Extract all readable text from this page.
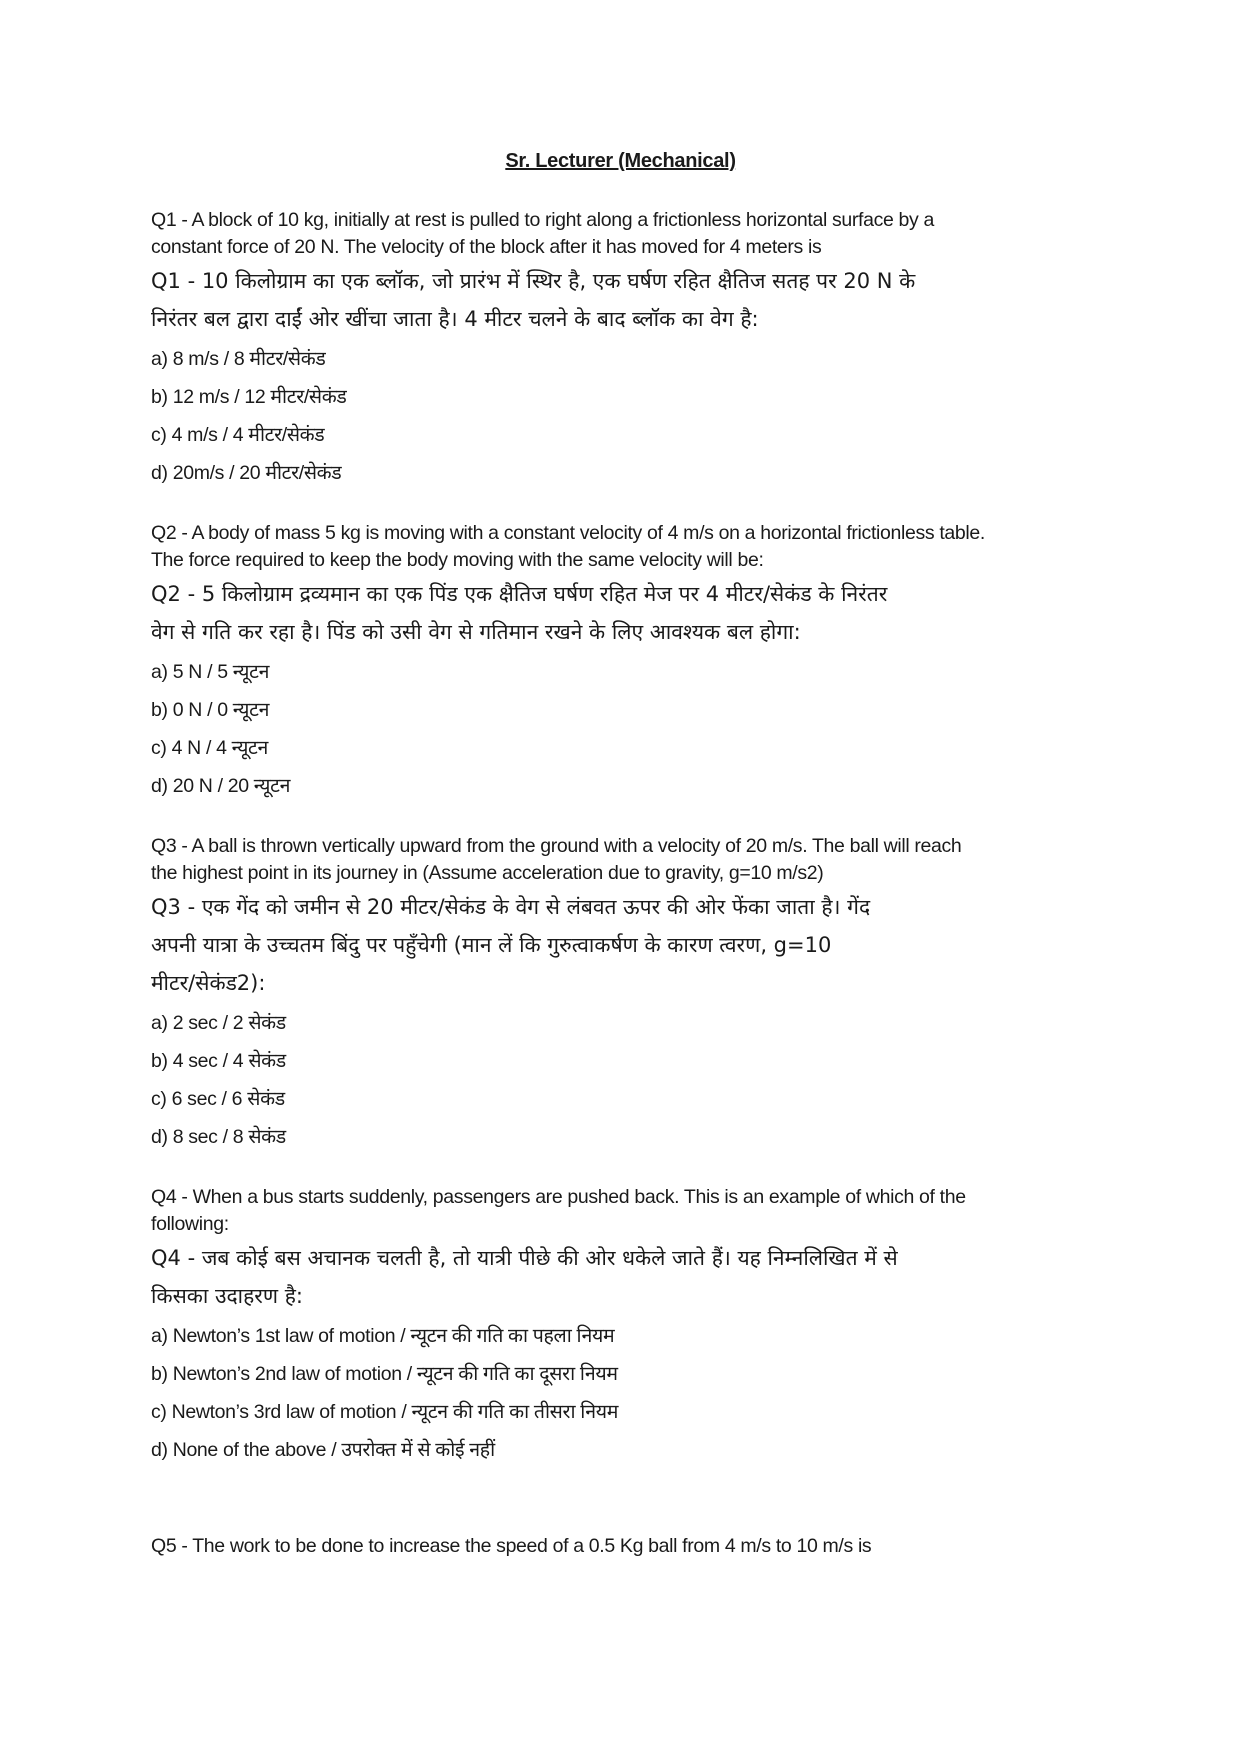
Sr. Lecturer (Mechanical)
Q1 - A block of 10 kg, initially at rest is pulled to right along a frictionless horizontal surface by a
constant force of 20 N. The velocity of the block after it has moved for 4 meters is
Q1 - 10 किलोग्राम का एक ब्लॉक, जो प्रारंभ में स्थिर है, एक घर्षण रहित क्षैतिज सतह पर 20 N के
निरंतर बल द्वारा दाईं ओर खींचा जाता है। 4 मीटर चलने के बाद ब्लॉक का वेग है:
a) 8 m/s / 8 मीटर/सेकंड
b) 12 m/s / 12 मीटर/सेकंड
c) 4 m/s / 4 मीटर/सेकंड
d) 20m/s / 20 मीटर/सेकंड
Q2 - A body of mass 5 kg is moving with a constant velocity of 4 m/s on a horizontal frictionless table.
The force required to keep the body moving with the same velocity will be:
Q2 - 5 किलोग्राम द्रव्यमान का एक पिंड एक क्षैतिज घर्षण रहित मेज पर 4 मीटर/सेकंड के निरंतर
वेग से गति कर रहा है। पिंड को उसी वेग से गतिमान रखने के लिए आवश्यक बल होगा:
a) 5 N / 5 न्यूटन
b) 0 N / 0 न्यूटन
c) 4 N / 4 न्यूटन
d) 20 N / 20 न्यूटन
Q3 - A ball is thrown vertically upward from the ground with a velocity of 20 m/s. The ball will reach
the highest point in its journey in (Assume acceleration due to gravity, g=10 m/s2)
Q3 - एक गेंद को जमीन से 20 मीटर/सेकंड के वेग से लंबवत ऊपर की ओर फेंका जाता है। गेंद
अपनी यात्रा के उच्चतम बिंदु पर पहुँचेगी (मान लें कि गुरुत्वाकर्षण के कारण त्वरण, g=10
मीटर/सेकंड2):
a) 2 sec / 2 सेकंड
b) 4 sec / 4 सेकंड
c) 6 sec / 6 सेकंड
d) 8 sec / 8 सेकंड
Q4 - When a bus starts suddenly, passengers are pushed back. This is an example of which of the
following:
Q4 - जब कोई बस अचानक चलती है, तो यात्री पीछे की ओर धकेले जाते हैं। यह निम्नलिखित में से
किसका उदाहरण है:
a) Newton’s 1st law of motion / न्यूटन की गति का पहला नियम
b) Newton’s 2nd law of motion / न्यूटन की गति का दूसरा नियम
c) Newton’s 3rd law of motion / न्यूटन की गति का तीसरा नियम
d) None of the above / उपरोक्त में से कोई नहीं
Q5 - The work to be done to increase the speed of a 0.5 Kg ball from 4 m/s to 10 m/s is
